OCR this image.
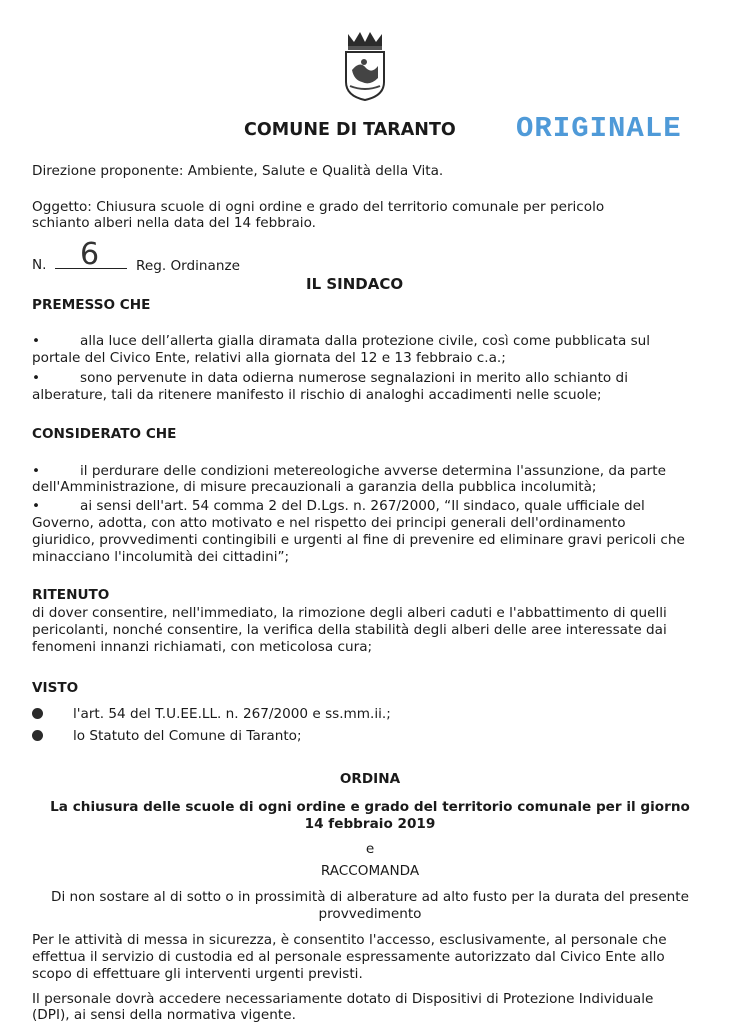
COMUNE DI TARANTO ORIGINALE
Direzione proponente: Ambiente, Salute e Qualità della Vita.
Oggetto: Chiusura scuole di ogni ordine e grado del territorio comunale per pericolo
schianto alberi nella data del 14 febbraio.
N. 6	Reg. Ordinanze
IL SINDACO
PREMESSO CHE
•	alla luce dell’allerta gialla diramata dalla protezione civile, così come pubblicata sul
portale del Civico Ente, relativi alla giornata del 12 e 13 febbraio c.a.;
•	sono pervenute in data odierna numerose segnalazioni in merito allo schianto di
alberature, tali da ritenere manifesto il rischio di analoghi accadimenti nelle scuole;
CONSIDERATO CHE
•	il perdurare delle condizioni metereologiche avverse determina l'assunzione, da parte
dell'Amministrazione, di misure precauzionali a garanzia della pubblica incolumità;
•	ai sensi dell'art. 54 comma 2 del D.Lgs. n. 267/2000, “Il sindaco, quale ufficiale del
Governo, adotta, con atto motivato e nel rispetto dei principi generali dell'ordinamento
giuridico, provvedimenti contingibili e urgenti al fine di prevenire ed eliminare gravi pericoli che
minacciano l'incolumità dei cittadini”;
RITENUTO
di dover consentire, nell'immediato, la rimozione degli alberi caduti e l'abbattimento di quelli
pericolanti, nonché consentire, la verifica della stabilità degli alberi delle aree interessate dai
fenomeni innanzi richiamati, con meticolosa cura;
VISTO
l'art. 54 del T.U.EE.LL. n. 267/2000 e ss.mm.ii.;
lo Statuto del Comune di Taranto;
ORDINA
La chiusura delle scuole di ogni ordine e grado del territorio comunale per il giorno
14 febbraio 2019
e
RACCOMANDA
Di non sostare al di sotto o in prossimità di alberature ad alto fusto per la durata del presente
provvedimento
Per le attività di messa in sicurezza, è consentito l'accesso, esclusivamente, al personale che
effettua il servizio di custodia ed al personale espressamente autorizzato dal Civico Ente allo
scopo di effettuare gli interventi urgenti previsti.
Il personale dovrà accedere necessariamente dotato di Dispositivi di Protezione Individuale
(DPI), ai sensi della normativa vigente.
